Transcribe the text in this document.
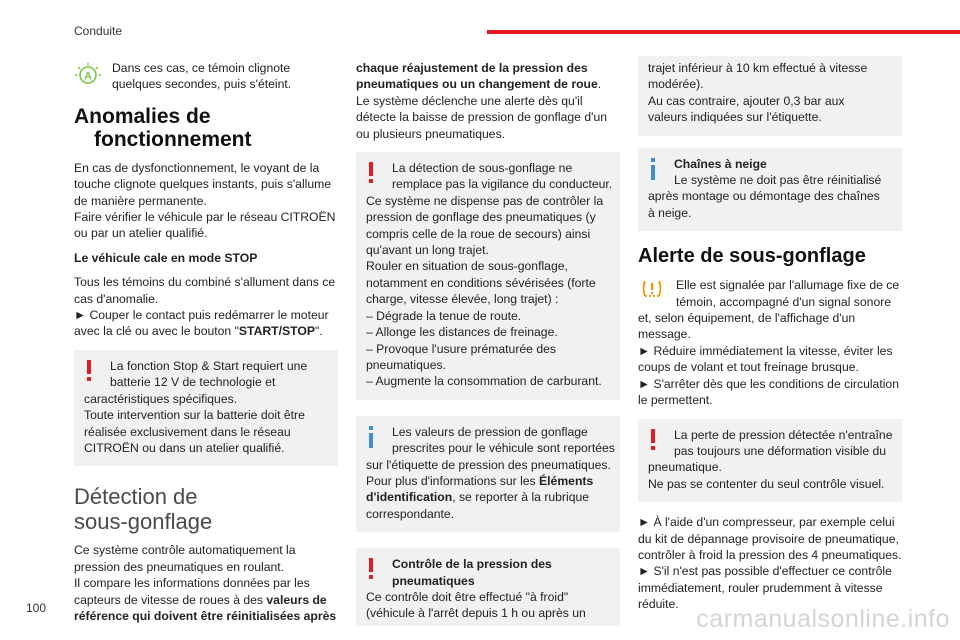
Conduite
A
Dans ces cas, ce témoin clignote
quelques secondes, puis s'éteint.
Anomalies de
fonctionnement
En cas de dysfonctionnement, le voyant de la
touche clignote quelques instants, puis s'allume
de manière permanente.
Faire vérifier le véhicule par le réseau CITROËN
ou par un atelier qualifié.
Le véhicule cale en mode STOP
Tous les témoins du combiné s'allument dans ce
cas d'anomalie.
► Couper le contact puis redémarrer le moteur
avec la clé ou avec le bouton "START/STOP".
La fonction Stop & Start requiert une
batterie 12 V de technologie et
caractéristiques spécifiques.
Toute intervention sur la batterie doit être
réalisée exclusivement dans le réseau
CITROËN ou dans un atelier qualifié.
Détection de
sous-gonflage
Ce système contrôle automatiquement la
pression des pneumatiques en roulant.
Il compare les informations données par les
capteurs de vitesse de roues à des valeurs de
référence qui doivent être réinitialisées après
chaque réajustement de la pression des
pneumatiques ou un changement de roue.
Le système déclenche une alerte dès qu'il
détecte la baisse de pression de gonflage d'un
ou plusieurs pneumatiques.
La détection de sous-gonflage ne
remplace pas la vigilance du conducteur.
Ce système ne dispense pas de contrôler la
pression de gonflage des pneumatiques (y
compris celle de la roue de secours) ainsi
qu'avant un long trajet.
Rouler en situation de sous-gonflage,
notamment en conditions sévérisées (forte
charge, vitesse élevée, long trajet) :
– Dégrade la tenue de route.
– Allonge les distances de freinage.
– Provoque l'usure prématurée des
pneumatiques.
– Augmente la consommation de carburant.
Les valeurs de pression de gonflage
prescrites pour le véhicule sont reportées
sur l'étiquette de pression des pneumatiques.
Pour plus d'informations sur les Éléments
d'identification, se reporter à la rubrique
correspondante.
Contrôle de la pression des
pneumatiques
Ce contrôle doit être effectué "à froid"
(véhicule à l'arrêt depuis 1 h ou après un
trajet inférieur à 10 km effectué à vitesse
modérée).
Au cas contraire, ajouter 0,3 bar aux
valeurs indiquées sur l'étiquette.
Chaînes à neige
Le système ne doit pas être réinitialisé
après montage ou démontage des chaînes
à neige.
Alerte de sous-gonflage
Elle est signalée par l'allumage fixe de ce
témoin, accompagné d'un signal sonore
et, selon équipement, de l'affichage d'un
message.
► Réduire immédiatement la vitesse, éviter les
coups de volant et tout freinage brusque.
► S'arrêter dès que les conditions de circulation
le permettent.
La perte de pression détectée n'entraîne
pas toujours une déformation visible du
pneumatique.
Ne pas se contenter du seul contrôle visuel.
► À l'aide d'un compresseur, par exemple celui
du kit de dépannage provisoire de pneumatique,
contrôler à froid la pression des 4 pneumatiques.
► S'il n'est pas possible d'effectuer ce contrôle
immédiatement, rouler prudemment à vitesse
réduite.
100	carmanualsonline.info
